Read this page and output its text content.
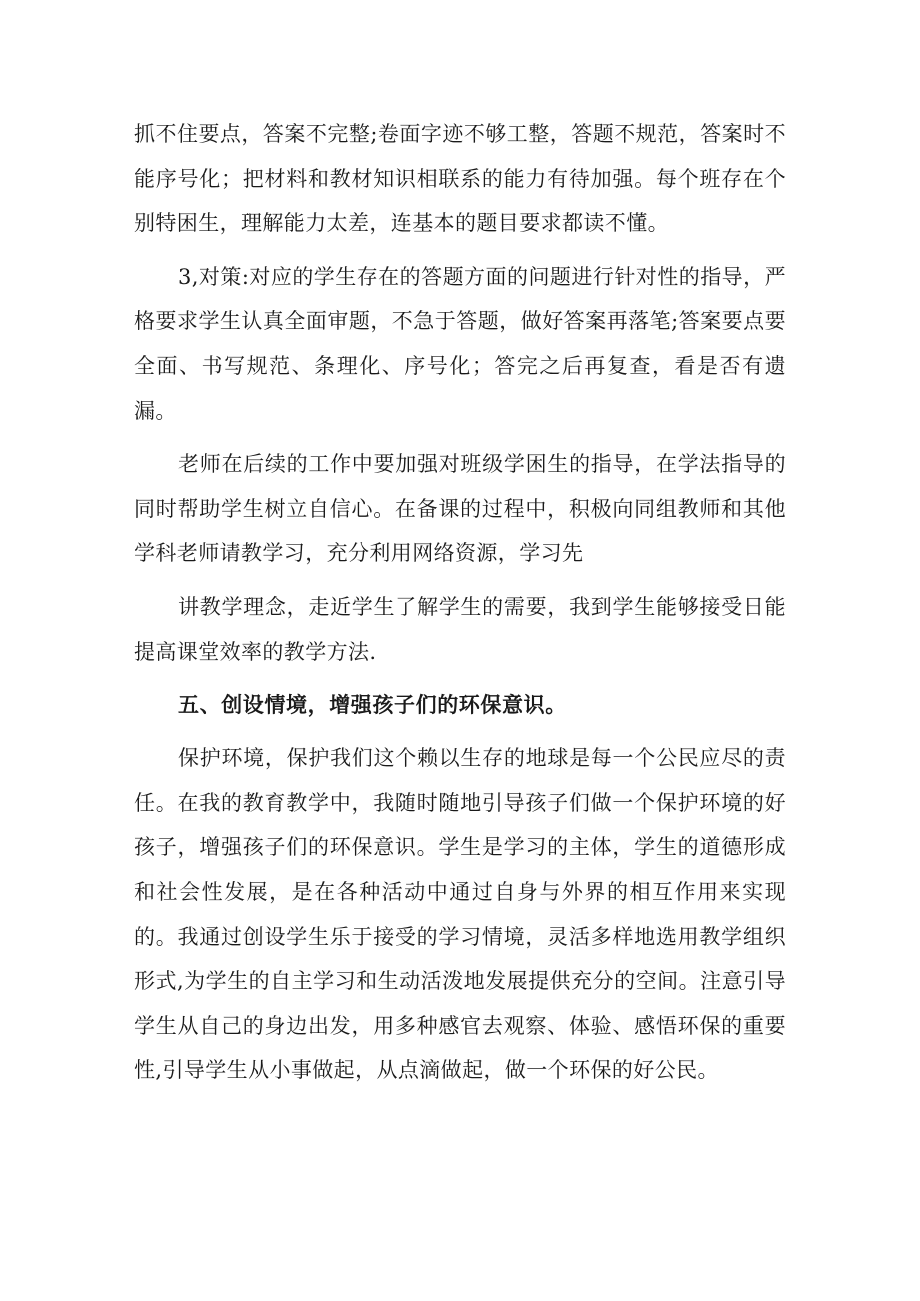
抓不住要点，答案不完整;卷面字迹不够工整，答题不规范，答案时不能序号化；把材料和教材知识相联系的能力有待加强。每个班存在个别特困生，理解能力太差，连基本的题目要求都读不懂。

3,对策:对应的学生存在的答题方面的问题进行针对性的指导，严格要求学生认真全面审题，不急于答题，做好答案再落笔;答案要点要全面、书写规范、条理化、序号化；答完之后再复查，看是否有遗漏。

老师在后续的工作中要加强对班级学困生的指导，在学法指导的同时帮助学生树立自信心。在备课的过程中，积极向同组教师和其他学科老师请教学习，充分利用网络资源，学习先

讲教学理念，走近学生了解学生的需要，我到学生能够接受日能提高课堂效率的教学方法.

五、创设情境，增强孩子们的环保意识。

保护环境，保护我们这个赖以生存的地球是每一个公民应尽的责任。在我的教育教学中，我随时随地引导孩子们做一个保护环境的好孩子，增强孩子们的环保意识。学生是学习的主体，学生的道德形成和社会性发展，是在各种活动中通过自身与外界的相互作用来实现的。我通过创设学生乐于接受的学习情境，灵活多样地选用教学组织形式,为学生的自主学习和生动活泼地发展提供充分的空间。注意引导学生从自己的身边出发，用多种感官去观察、体验、感悟环保的重要性,引导学生从小事做起，从点滴做起，做一个环保的好公民。
